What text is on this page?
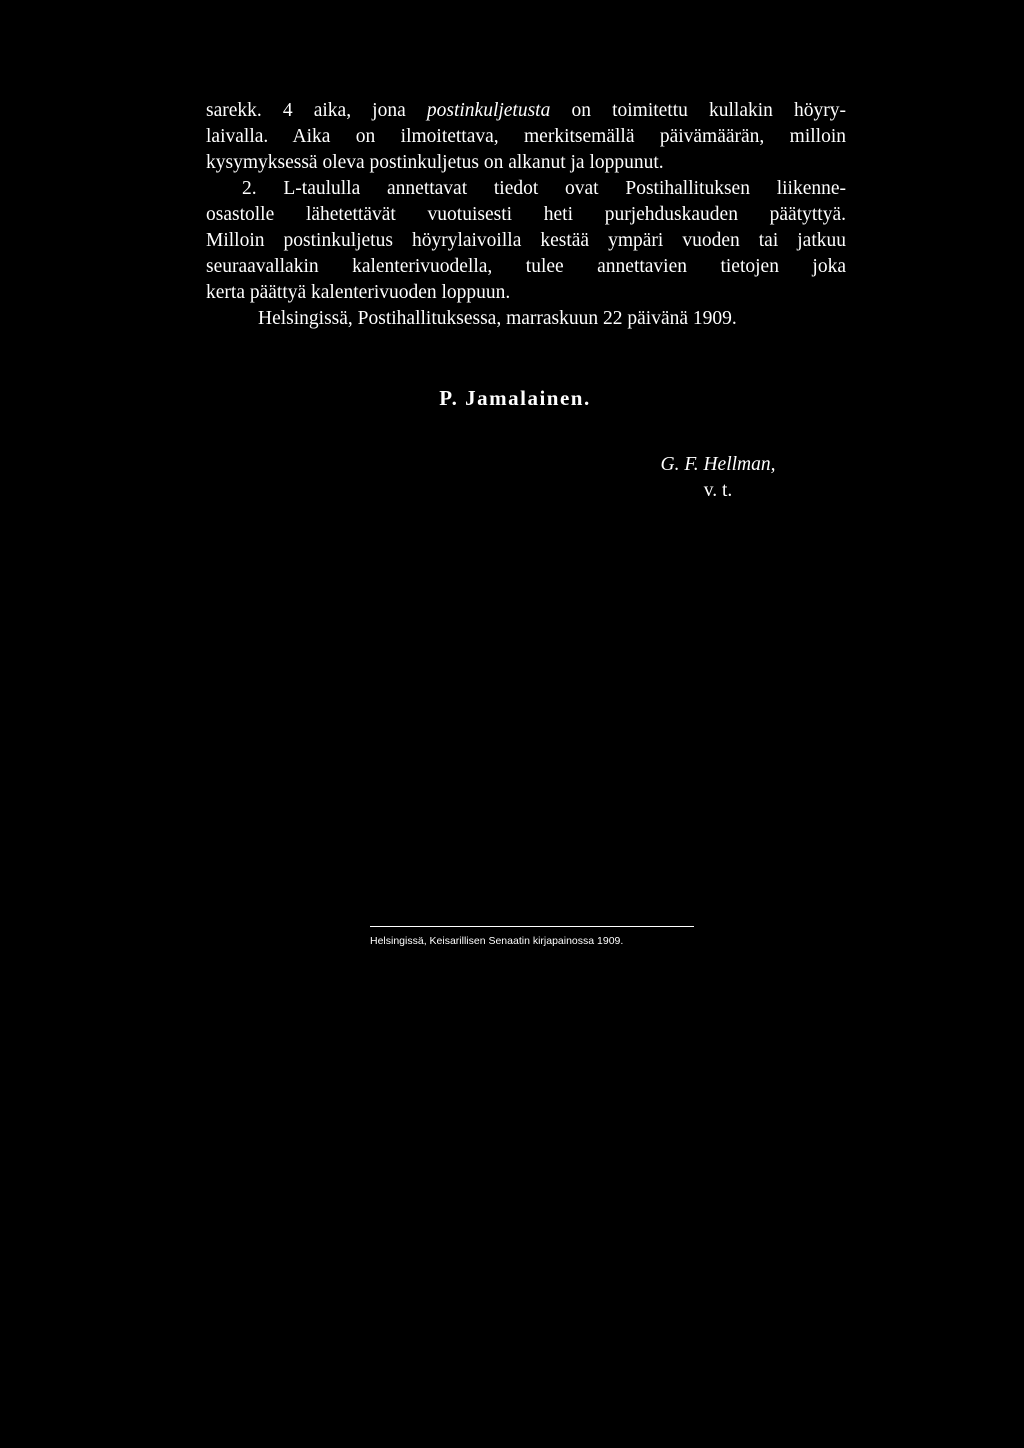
sarekk. 4 aika, jona postinkuljetusta on toimitettu kullakin höyry-
laivalla. Aika on ilmoitettava, merkitsemällä päivämäärän, milloin
kysymyksessä oleva postinkuljetus on alkanut ja loppunut.
2. L-taululla annettavat tiedot ovat Postihallituksen liikenne-
osastolle lähetettävät vuotuisesti heti purjehduskauden päätyttyä.
Milloin postinkuljetus höyrylaivoilla kestää ympäri vuoden tai jatkuu
seuraavallakin kalenterivuodella, tulee annettavien tietojen joka
kerta päättyä kalenterivuoden loppuun.
Helsingissä, Postihallituksessa, marraskuun 22 päivänä 1909.
P. Jamalainen.
G. F. Hellman,
v. t.
Helsingissä, Keisarillisen Senaatin kirjapainossa 1909.
